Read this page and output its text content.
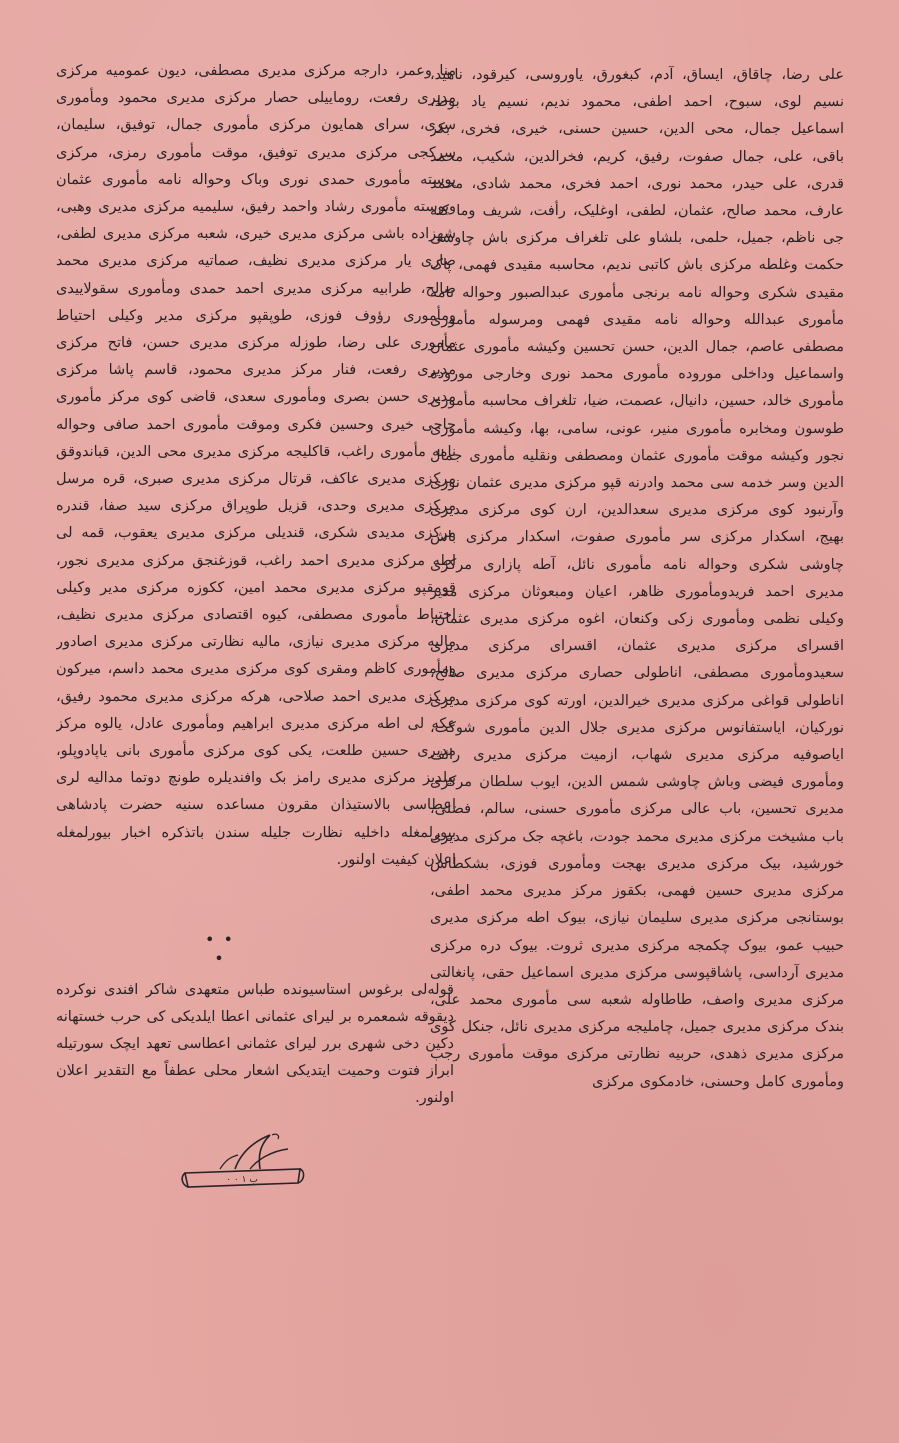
علی رضا، چاقاق، ایساق، آدم، کبغورق، یاوروسی، کیرقود، ناهید، نسیم لوی، سبوح، احمد اطفی، محمود ندیم، نسیم یاد بوط، اسماعیل جمال، محی الدین، حسین حسنی، خیری، فخری، بکر باقی، علی، جمال صفوت، رفیق، کریم، فخرالدین، شکیب، محمد قدری، علی حیدر، محمد نوری، احمد فخری، محمد شادی، محمد عارف، محمد صالح، عثمان، لطفی، اوغلیک، رأفت، شریف وما کنه جی ناظم، جمیل، حلمی، بلشاو علی تلغراف مرکزی باش چاوشی حکمت وغلطه مرکزی باش کاتبی ندیم، محاسبه مقیدی فهمی، پاک مقیدی شکری وحواله نامه برنجی مأموری عبدالصبور وحواله نامه مأموری عبدالله وحواله نامه مقیدی فهمی ومرسوله مأموری مصطفی عاصم، جمال الدین، حسن تحسین وکیشه مأموری عثمان واسماعیل وداخلی موروده مأموری محمد نوری وخارجی موروده مأموری خالد، حسین، دانیال، عصمت، ضیا، تلغراف محاسبه مأموری طوسون ومخابره مأموری منیر، عونی، سامی، بها، وکیشه مأموری نجور وکیشه موقت مأموری عثمان ومصطفی ونقلیه مأموری جمال الدین وسر خدمه سی محمد وادرنه قپو مرکزی مدیری عثمان نوری وآرنبود کوی مرکزی مدیری سعدالدین، ارن کوی مرکزی مدیری بهیج، اسکدار مرکزی سر مأموری صفوت، اسکدار مرکزی باش چاوشی شکری وحواله نامه مأموری نائل، آطه پازاری مرکزی مدیری احمد فریدومأموری ظاهر، اعیان ومبعوثان مرکزی مدیر وکیلی نظمی ومأموری زکی وکنعان، اغوه مرکزی مدیری عثمان، اقسرای مرکزی مدیری عثمان، اقسرای مرکزی مدیری سعیدومأموری مصطفی، اناطولی حصاری مرکزی مدیری صالح، اناطولی قواغی مرکزی مدیری خیرالدین، اورته کوی مرکزی مدیری نورکیان، ایاستفانوس مرکزی مدیری جلال الدین مأموری شوکت، ایاصوفیه مرکزی مدیری شهاب، ازمیت مرکزی مدیری رائف ومأموری فیضی وباش چاوشی شمس الدین، ایوب سلطان مرکزی مدیری تحسین، باب عالی مرکزی مأموری حسنی، سالم، فضلی، باب مشیخت مرکزی مدیری محمد جودت، باغچه جک مرکزی مدیری خورشید، بیک مرکزی مدیری بهجت ومأموری فوزی، بشکطاش مرکزی مدیری حسین فهمی، بکقوز مرکز مدیری محمد اطفی، بوستانجی مرکزی مدیری سلیمان نیازی، بیوک اطه مرکزی مدیری حبیب عمو، بیوک چکمجه مرکزی مدیری ثروت. بیوک دره مرکزی مدیری آرداسی، پاشاقپوسی مرکزی مدیری اسماعیل حقی، پانغالتی مرکزی مدیری واصف، طاطاوله شعبه سی مأموری محمد علی، بندک مرکزی مدیری جمیل، چاملیجه مرکزی مدیری نائل، جنکل کوی مرکزی مدیری ذهدی، حربیه نظارتی مرکزی موقت مأموری رجب ومأموری کامل وحسنی، خادمکوی مرکزی

منا وعمر، دارجه مرکزی مدیری مصطفی، دیون عمومیه مرکزی مدیری رفعت، روماییلی حصار مرکزی مدیری محمود ومأموری سری، سرای همایون مرکزی مأموری جمال، توفیق، سلیمان، سرکجی مرکزی مدیری توفیق، موقت مأموری رمزی، مرکزی پوسته مأموری حمدی نوری وباک وحواله نامه مأموری عثمان وپوسته مأموری رشاد واحمد رفیق، سلیمیه مرکزی مدیری وهبی، شهزاده باشی مرکزی مدیری خیری، شعبه مرکزی مدیری لطفی، صاری یار مرکزی مدیری نظیف، صماتیه مرکزی مدیری محمد صالح، طرابیه مرکزی مدیری احمد حمدی ومأموری سقولاییدی ومأموری رؤوف فوزی، طوپقپو مرکزی مدیر وکیلی احتیاط مأموری علی رضا، طوزله مرکزی مدیری حسن، فاتح مرکزی مدیری رفعت، فنار مرکز مدیری محمود، قاسم پاشا مرکزی مدیری حسن بصری ومأموری سعدی، قاضی کوی مرکز مأموری حاجی خیری وحسین فکری وموقت مأموری احمد صافی وحواله نامه مأموری راغب، قاکلیجه مرکزی مدیری محی الدین، قباندوقق مرکزی مدیری عاکف، قرتال مرکزی مدیری صبری، قره مرسل مرکزی مدیری وحدی، قزیل طوپراق مرکزی سید صفا، قندره مرکزی مدیدی شکری، قندیلی مرکزی مدیری یعقوب، قمه لی اطه مرکزی مدیری احمد راغب، قوزغنجق مرکزی مدیری نجور، قومقپو مرکزی مدیری محمد امین، ککوزه مرکزی مدیر وکیلی احتیاط مأموری مصطفی، کیوه اقتصادی مرکزی مدیری نظیف، مالیه مرکزی مدیری نیازی، مالیه نظارتی مرکزی مدیری اصادور ومأموری کاظم ومقری کوی مرکزی مدیری محمد داسم، میرکون مرکزی مدیری احمد صلاحی، هرکه مرکزی مدیری محمود رفیق، عکه لی اطه مرکزی مدیری ابراهیم ومأموری عادل، یالوه مرکز مدیری حسین طلعت، یکی کوی مرکزی مأموری بانی یاپادوپلو، بیلدیز مرکزی مدیری رامز بک وافندیلره طونچ دوتما مدالیه لری اعطاسی بالاستیذان مقرون مساعده سنیه حضرت پادشاهی بیورلمغله داخلیه نظارت جلیله سندن باتذکره اخبار بیورلمغله اعلان کیفیت اولنور.

• • •

قولەلی برغوس استاسیونده طباس متعهدی شاکر افندی نوکرده دیقوقه شمعمره بر لیرای عثمانی اعطا ایلدیکی کی حرب خستهانه دکین دخی شهری برر لیرای عثمانی اعطاسی تعهد ایچک سورتیله ابراز فتوت وحمیت ایتدیکی اشعار محلی عطفاً مع التقدیر اعلان اولنور.

ب ١ ٠ ٠
